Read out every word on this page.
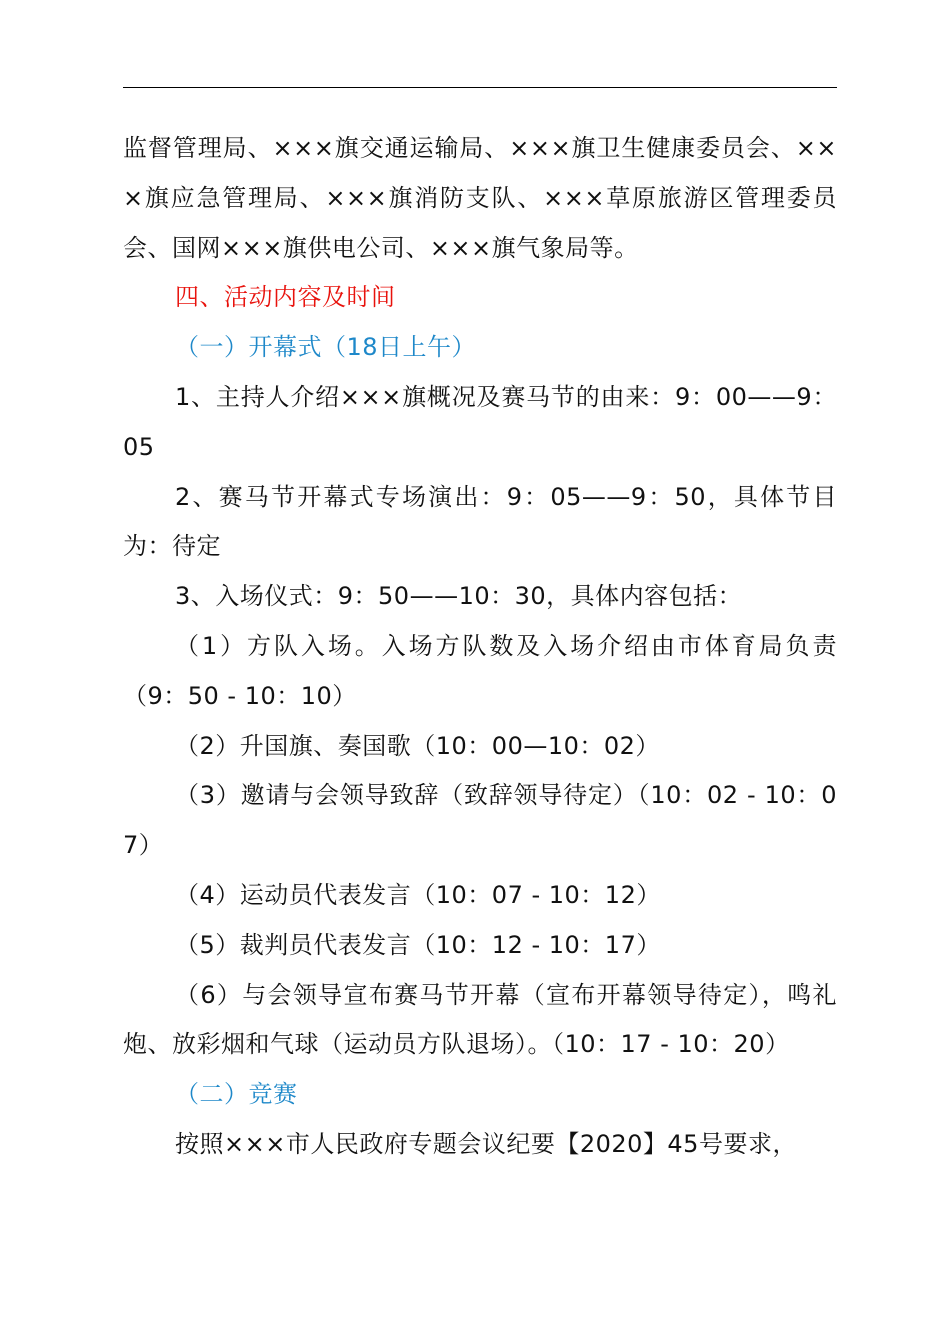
监督管理局、×××旗交通运输局、×××旗卫生健康委员会、×××旗应急管理局、×××旗消防支队、×××草原旅游区管理委员会、国网×××旗供电公司、×××旗气象局等。

四、活动内容及时间

（一）开幕式（18日上午）

1、主持人介绍×××旗概况及赛马节的由来：9：00——9：05

2、赛马节开幕式专场演出：9：05——9：50，具体节目为：待定

3、入场仪式：9：50——10：30，具体内容包括：

（1）方队入场。入场方队数及入场介绍由市体育局负责（9：50 - 10：10）

（2）升国旗、奏国歌（10：00—10：02）

（3）邀请与会领导致辞（致辞领导待定）（10：02 - 10：07）

（4）运动员代表发言（10：07 - 10：12）

（5）裁判员代表发言（10：12 - 10：17）

（6）与会领导宣布赛马节开幕（宣布开幕领导待定），鸣礼炮、放彩烟和气球（运动员方队退场）。（10：17 - 10：20）

（二）竞赛

按照×××市人民政府专题会议纪要【2020】45号要求，
